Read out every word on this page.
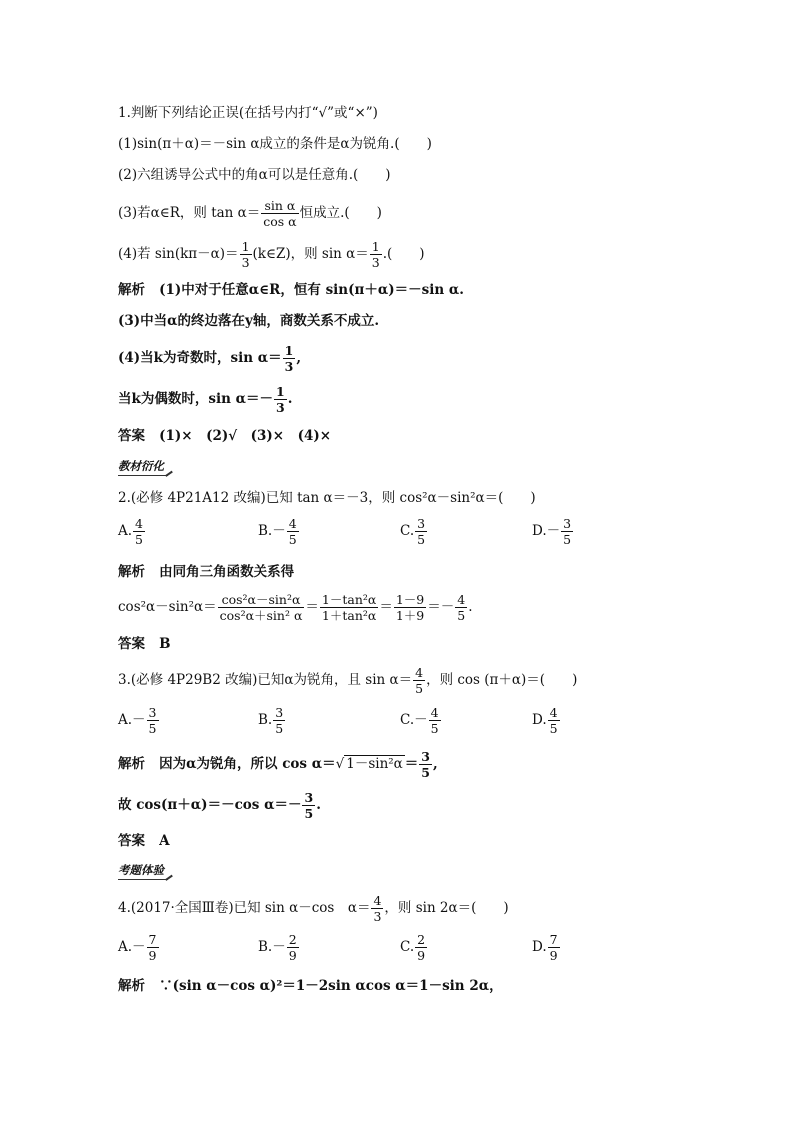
1.判断下列结论正误(在括号内打“√”或“×”)
(1)sin(π＋α)＝－sin α成立的条件是α为锐角.(　　)
(2)六组诱导公式中的角α可以是任意角.(　　)
(3)若α∈R，则 $\tan \alpha= \frac{\text{sin α}}{\text{cos α}}$ 恒成立.(　　)
(4)若 $\sin(k\pi-\alpha)= \frac{1}{3}$ (k∈Z)，则 $\sin \alpha= \frac{1}{3}$ .(　　)
解析 (1)中对于任意α∈R，恒有 sin(π＋α)＝－sin α.
(3)中当α的终边落在y轴，商数关系不成立.
(4)当k为奇数时，$\sin \alpha= \frac{1}{3}$ ,
当k为偶数时，$\sin \alpha=- \frac{1}{3}$ .
答案 (1)×　(2)√　(3)×　(4)×
教材衍化
2.(必修 4P21A12 改编)已知 tan α＝－3，则 cos²α－sin²α＝(　　)
A. $\frac{4}{5}$	$B.- \frac{4}{5}$	C. $\frac{3}{5}$	$D.- \frac{3}{5}$
解析 由同角三角函数关系得
$\cos^2\alpha-\sin^2\alpha= \frac{\text{cos²α－sin²α}}{\text{cos²α＋sin² α}} = \frac{\text{1－tan²α}}{\text{1＋tan²α}} = \frac{1-9}{1+9} =- \frac{4}{5}$ .
答案 B
3.(必修 4P29B2 改编)已知α为锐角，且 $\sin \alpha= \frac{4}{5}$ ，则 cos (π＋α)＝(　　)
$A.- \frac{3}{5}$	B. $\frac{3}{5}$	$C.- \frac{4}{5}$	D. $\frac{4}{5}$
解析 因为α为锐角，所以 cos α＝√ $1-\sin^2\alpha = \frac{3}{5}$ ,
故 cos(π＋α)＝－cos $\alpha=- \frac{3}{5}$ .
答案 A
考题体验
4.(2017·全国Ⅲ卷)已知 sin α－cos　$\alpha= \frac{4}{3}$ ，则 sin 2α＝(　　)
$A.- \frac{7}{9}$	$B.- \frac{2}{9}$	C. $\frac{2}{9}$	D. $\frac{7}{9}$
解析 ∵(sin α－cos α)²＝1－2sin αcos α＝1－sin 2α，
